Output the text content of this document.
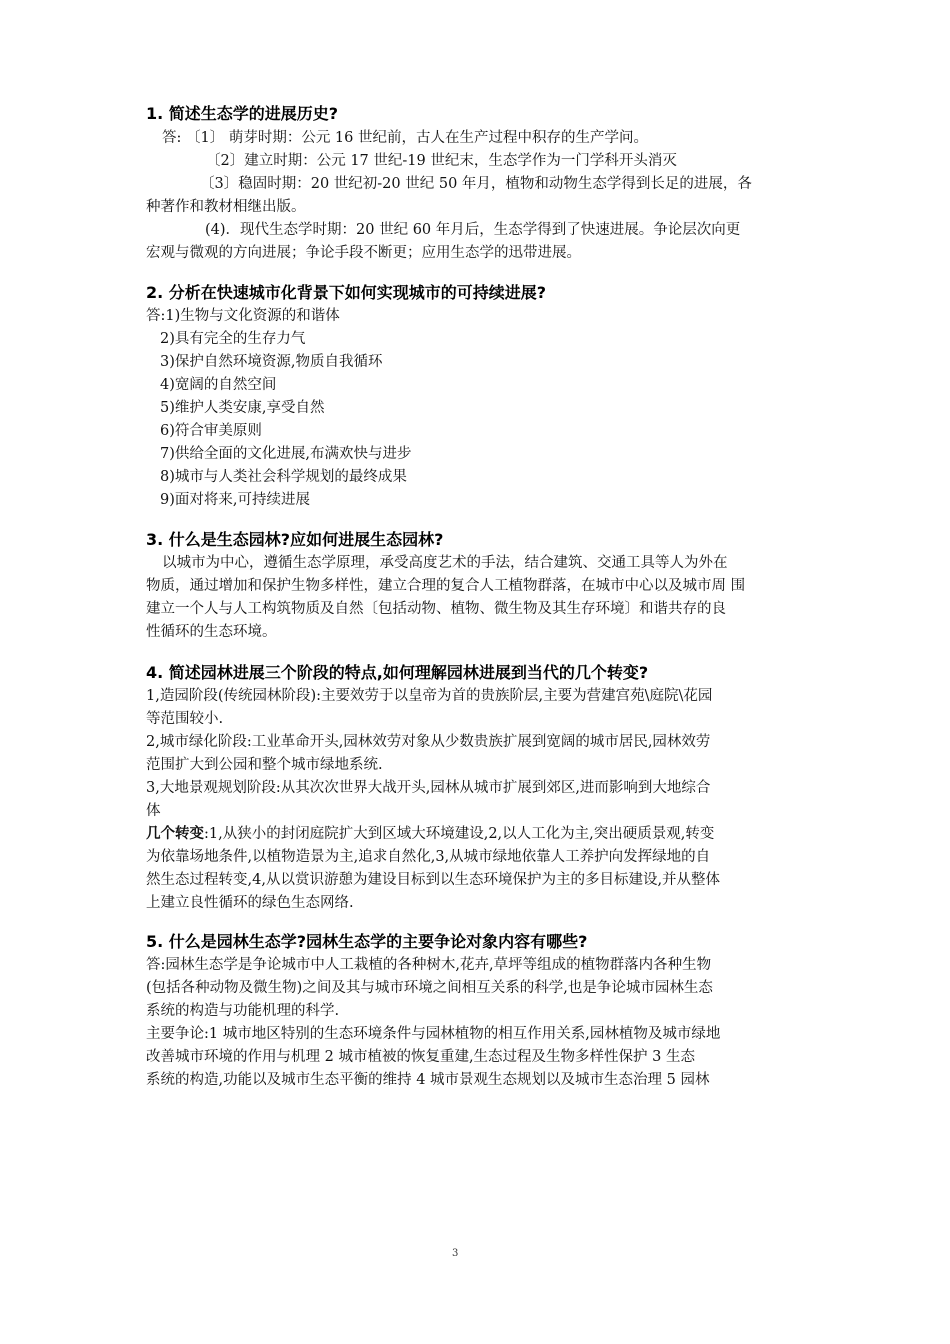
1. 简述生态学的进展历史?
答: 〔1〕 萌芽时期：公元 16 世纪前，古人在生产过程中积存的生产学问。
〔2〕建立时期：公元 17 世纪-19 世纪末，生态学作为一门学科开头消灭
〔3〕稳固时期：20 世纪初-20 世纪 50 年月，植物和动物生态学得到长足的进展，各
种著作和教材相继出版。
(4)．现代生态学时期：20 世纪 60 年月后，生态学得到了快速进展。争论层次向更
宏观与微观的方向进展；争论手段不断更；应用生态学的迅带进展。
2. 分析在快速城市化背景下如何实现城市的可持续进展?
答:1)生物与文化资源的和谐体
2)具有完全的生存力气
3)保护自然环境资源,物质自我循环
4)宽阔的自然空间
5)维护人类安康,享受自然
6)符合审美原则
7)供给全面的文化进展,布满欢快与进步
8)城市与人类社会科学规划的最终成果
9)面对将来,可持续进展
3. 什么是生态园林?应如何进展生态园林?
以城市为中心，遵循生态学原理，承受高度艺术的手法，结合建筑、交通工具等人为外在
物质，通过增加和保护生物多样性，建立合理的复合人工植物群落，在城市中心以及城市周 围
建立一个人与人工构筑物质及自然〔包括动物、植物、微生物及其生存环境〕和谐共存的良
性循环的生态环境。
4. 简述园林进展三个阶段的特点,如何理解园林进展到当代的几个转变?
1,造园阶段(传统园林阶段):主要效劳于以皇帝为首的贵族阶层,主要为营建宫苑\庭院\花园
等范围较小.
2,城市绿化阶段:工业革命开头,园林效劳对象从少数贵族扩展到宽阔的城市居民,园林效劳
范围扩大到公园和整个城市绿地系统.
3,大地景观规划阶段:从其次次世界大战开头,园林从城市扩展到郊区,进而影响到大地综合
体
几个转变:1,从狭小的封闭庭院扩大到区域大环境建设,2,以人工化为主,突出硬质景观,转变
为依靠场地条件,以植物造景为主,追求自然化,3,从城市绿地依靠人工养护向发挥绿地的自
然生态过程转变,4,从以赏识游憩为建设目标到以生态环境保护为主的多目标建设,并从整体
上建立良性循环的绿色生态网络.
5. 什么是园林生态学?园林生态学的主要争论对象内容有哪些?
答:园林生态学是争论城市中人工栽植的各种树木,花卉,草坪等组成的植物群落内各种生物
(包括各种动物及微生物)之间及其与城市环境之间相互关系的科学,也是争论城市园林生态
系统的构造与功能机理的科学.
主要争论:1 城市地区特别的生态环境条件与园林植物的相互作用关系,园林植物及城市绿地
改善城市环境的作用与机理 2 城市植被的恢复重建,生态过程及生物多样性保护 3 生态
系统的构造,功能以及城市生态平衡的维持 4 城市景观生态规划以及城市生态治理 5 园林
3
